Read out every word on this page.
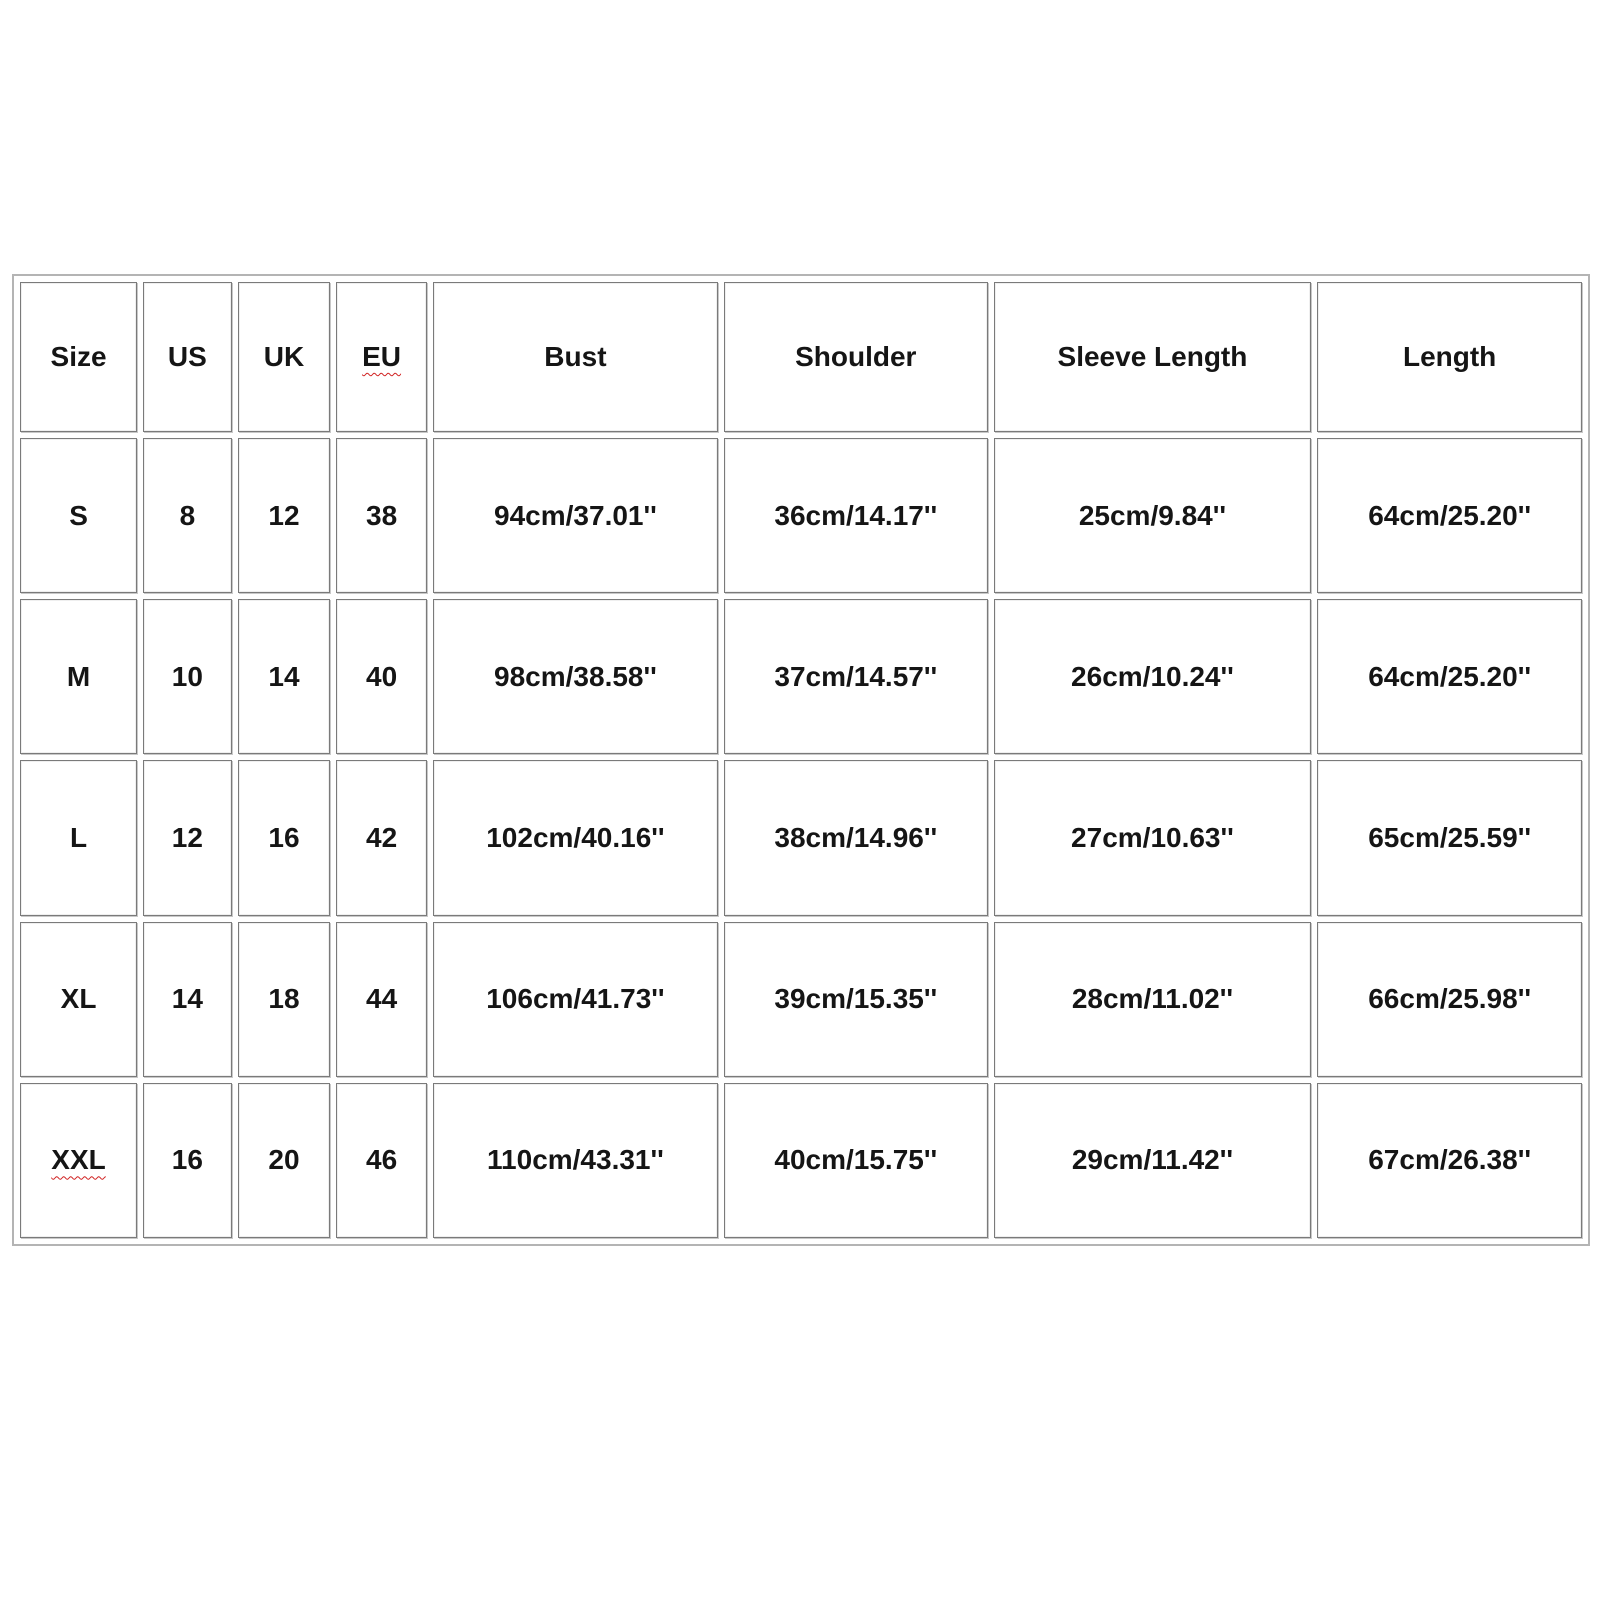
Size	US	UK	EU	Bust	Shoulder	Sleeve Length	Length
S	8	12	38	94cm/37.01''	36cm/14.17''	25cm/9.84''	64cm/25.20''
M	10	14	40	98cm/38.58''	37cm/14.57''	26cm/10.24''	64cm/25.20''
L	12	16	42	102cm/40.16''	38cm/14.96''	27cm/10.63''	65cm/25.59''
XL	14	18	44	106cm/41.73''	39cm/15.35''	28cm/11.02''	66cm/25.98''
XXL	16	20	46	110cm/43.31''	40cm/15.75''	29cm/11.42''	67cm/26.38''
